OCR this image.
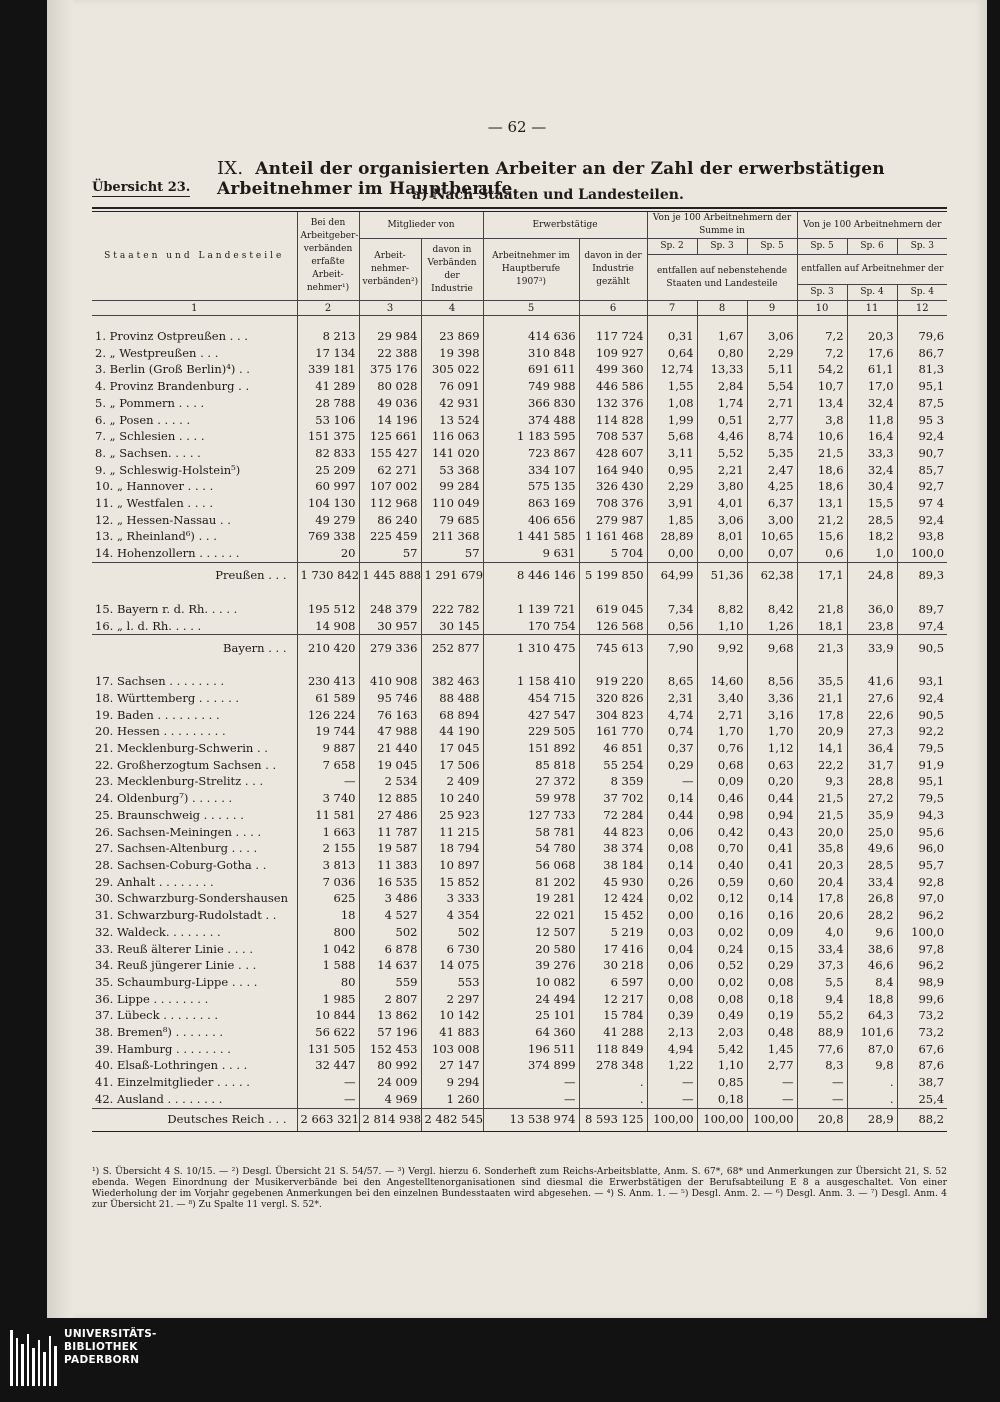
— 62 —
IX. Anteil der organisierten Arbeiter an der Zahl der erwerbstätigen Arbeitnehmer im Hauptberufe.
Übersicht 23.	a) Nach Staaten und Landesteilen.
Staaten und Landesteile	Bei den Arbeitgeber-verbänden erfaßte Arbeit-nehmer¹)	Mitglieder von		Erwerbstätige		Von je 100 Arbeitnehmern der Summe in			Von je 100 Arbeitnehmern der		
		Arbeit-nehmer-verbänden²)	davon in Verbänden der Industrie	Arbeitnehmer im Hauptberufe 1907³)	davon in der Industrie gezählt	Sp. 2	Sp. 3	Sp. 5	Sp. 5	Sp. 6	Sp. 3
						entfallen auf nebenstehende Staaten und Landesteile			entfallen auf Arbeitnehmer der		
									Sp. 3	Sp. 4	Sp. 4
1	2	3	4	5	6	7	8	9	10	11	12

1. Provinz Ostpreußen . . .	8 213	29 984	23 869	414 636	117 724	0,31	1,67	3,06	7,2	20,3	79,6
2. „ Westpreußen . . .	17 134	22 388	19 398	310 848	109 927	0,64	0,80	2,29	7,2	17,6	86,7
3. Berlin (Groß Berlin)⁴) . .	339 181	375 176	305 022	691 611	499 360	12,74	13,33	5,11	54,2	61,1	81,3
4. Provinz Brandenburg . .	41 289	80 028	76 091	749 988	446 586	1,55	2,84	5,54	10,7	17,0	95,1
5. „ Pommern . . . .	28 788	49 036	42 931	366 830	132 376	1,08	1,74	2,71	13,4	32,4	87,5
6. „ Posen . . . . .	53 106	14 196	13 524	374 488	114 828	1,99	0,51	2,77	3,8	11,8	95 3
7. „ Schlesien . . . .	151 375	125 661	116 063	1 183 595	708 537	5,68	4,46	8,74	10,6	16,4	92,4
8. „ Sachsen. . . . .	82 833	155 427	141 020	723 867	428 607	3,11	5,52	5,35	21,5	33,3	90,7
9. „ Schleswig-Holstein⁵)	25 209	62 271	53 368	334 107	164 940	0,95	2,21	2,47	18,6	32,4	85,7
10. „ Hannover . . . .	60 997	107 002	99 284	575 135	326 430	2,29	3,80	4,25	18,6	30,4	92,7
11. „ Westfalen . . . .	104 130	112 968	110 049	863 169	708 376	3,91	4,01	6,37	13,1	15,5	97 4
12. „ Hessen-Nassau . .	49 279	86 240	79 685	406 656	279 987	1,85	3,06	3,00	21,2	28,5	92,4
13. „ Rheinland⁶) . . .	769 338	225 459	211 368	1 441 585	1 161 468	28,89	8,01	10,65	15,6	18,2	93,8
14. Hohenzollern . . . . . .	20	57	57	9 631	5 704	0,00	0,00	0,07	0,6	1,0	100,0
Preußen . . .	1 730 842	1 445 888	1 291 679	8 446 146	5 199 850	64,99	51,36	62,38	17,1	24,8	89,3

15. Bayern r. d. Rh. . . . .	195 512	248 379	222 782	1 139 721	619 045	7,34	8,82	8,42	21,8	36,0	89,7
16. „ l. d. Rh. . . . .	14 908	30 957	30 145	170 754	126 568	0,56	1,10	1,26	18,1	23,8	97,4
Bayern . . .	210 420	279 336	252 877	1 310 475	745 613	7,90	9,92	9,68	21,3	33,9	90,5

17. Sachsen . . . . . . . .	230 413	410 908	382 463	1 158 410	919 220	8,65	14,60	8,56	35,5	41,6	93,1
18. Württemberg . . . . . .	61 589	95 746	88 488	454 715	320 826	2,31	3,40	3,36	21,1	27,6	92,4
19. Baden . . . . . . . . .	126 224	76 163	68 894	427 547	304 823	4,74	2,71	3,16	17,8	22,6	90,5
20. Hessen . . . . . . . . .	19 744	47 988	44 190	229 505	161 770	0,74	1,70	1,70	20,9	27,3	92,2
21. Mecklenburg-Schwerin . .	9 887	21 440	17 045	151 892	46 851	0,37	0,76	1,12	14,1	36,4	79,5
22. Großherzogtum Sachsen . .	7 658	19 045	17 506	85 818	55 254	0,29	0,68	0,63	22,2	31,7	91,9
23. Mecklenburg-Strelitz . . .	—	2 534	2 409	27 372	8 359	—	0,09	0,20	9,3	28,8	95,1
24. Oldenburg⁷) . . . . . .	3 740	12 885	10 240	59 978	37 702	0,14	0,46	0,44	21,5	27,2	79,5
25. Braunschweig . . . . . .	11 581	27 486	25 923	127 733	72 284	0,44	0,98	0,94	21,5	35,9	94,3
26. Sachsen-Meiningen . . . .	1 663	11 787	11 215	58 781	44 823	0,06	0,42	0,43	20,0	25,0	95,6
27. Sachsen-Altenburg . . . .	2 155	19 587	18 794	54 780	38 374	0,08	0,70	0,41	35,8	49,6	96,0
28. Sachsen-Coburg-Gotha . .	3 813	11 383	10 897	56 068	38 184	0,14	0,40	0,41	20,3	28,5	95,7
29. Anhalt . . . . . . . .	7 036	16 535	15 852	81 202	45 930	0,26	0,59	0,60	20,4	33,4	92,8
30. Schwarzburg-Sondershausen	625	3 486	3 333	19 281	12 424	0,02	0,12	0,14	17,8	26,8	97,0
31. Schwarzburg-Rudolstadt . .	18	4 527	4 354	22 021	15 452	0,00	0,16	0,16	20,6	28,2	96,2
32. Waldeck. . . . . . . .	800	502	502	12 507	5 219	0,03	0,02	0,09	4,0	9,6	100,0
33. Reuß älterer Linie . . . .	1 042	6 878	6 730	20 580	17 416	0,04	0,24	0,15	33,4	38,6	97,8
34. Reuß jüngerer Linie . . .	1 588	14 637	14 075	39 276	30 218	0,06	0,52	0,29	37,3	46,6	96,2
35. Schaumburg-Lippe . . . .	80	559	553	10 082	6 597	0,00	0,02	0,08	5,5	8,4	98,9
36. Lippe . . . . . . . .	1 985	2 807	2 297	24 494	12 217	0,08	0,08	0,18	9,4	18,8	99,6
37. Lübeck . . . . . . . .	10 844	13 862	10 142	25 101	15 784	0,39	0,49	0,19	55,2	64,3	73,2
38. Bremen⁸) . . . . . . .	56 622	57 196	41 883	64 360	41 288	2,13	2,03	0,48	88,9	101,6	73,2
39. Hamburg . . . . . . . .	131 505	152 453	103 008	196 511	118 849	4,94	5,42	1,45	77,6	87,0	67,6
40. Elsaß-Lothringen . . . .	32 447	80 992	27 147	374 899	278 348	1,22	1,10	2,77	8,3	9,8	87,6
41. Einzelmitglieder . . . . .	—	24 009	9 294	—	.	—	0,85	—	—	.	38,7
42. Ausland . . . . . . . .	—	4 969	1 260	—	.	—	0,18	—	—	.	25,4
Deutsches Reich . . .	2 663 321	2 814 938	2 482 545	13 538 974	8 593 125	100,00	100,00	100,00	20,8	28,9	88,2
¹) S. Übersicht 4 S. 10/15. — ²) Desgl. Übersicht 21 S. 54/57. — ³) Vergl. hierzu 6. Sonderheft zum Reichs-Arbeitsblatte, Anm. S. 67*, 68* und Anmerkungen zur Übersicht 21, S. 52 ebenda. Wegen Einordnung der Musikerverbände bei den Angestelltenorganisationen sind diesmal die Erwerbstätigen der Berufsabteilung E 8 a ausgeschaltet. Von einer Wiederholung der im Vorjahr gegebenen Anmerkungen bei den einzelnen Bundesstaaten wird abgesehen. — ⁴) S. Anm. 1. — ⁵) Desgl. Anm. 2. — ⁶) Desgl. Anm. 3. — ⁷) Desgl. Anm. 4 zur Übersicht 21. — ⁸) Zu Spalte 11 vergl. S. 52*.
UNIVERSITÄTS-
BIBLIOTHEK
PADERBORN
